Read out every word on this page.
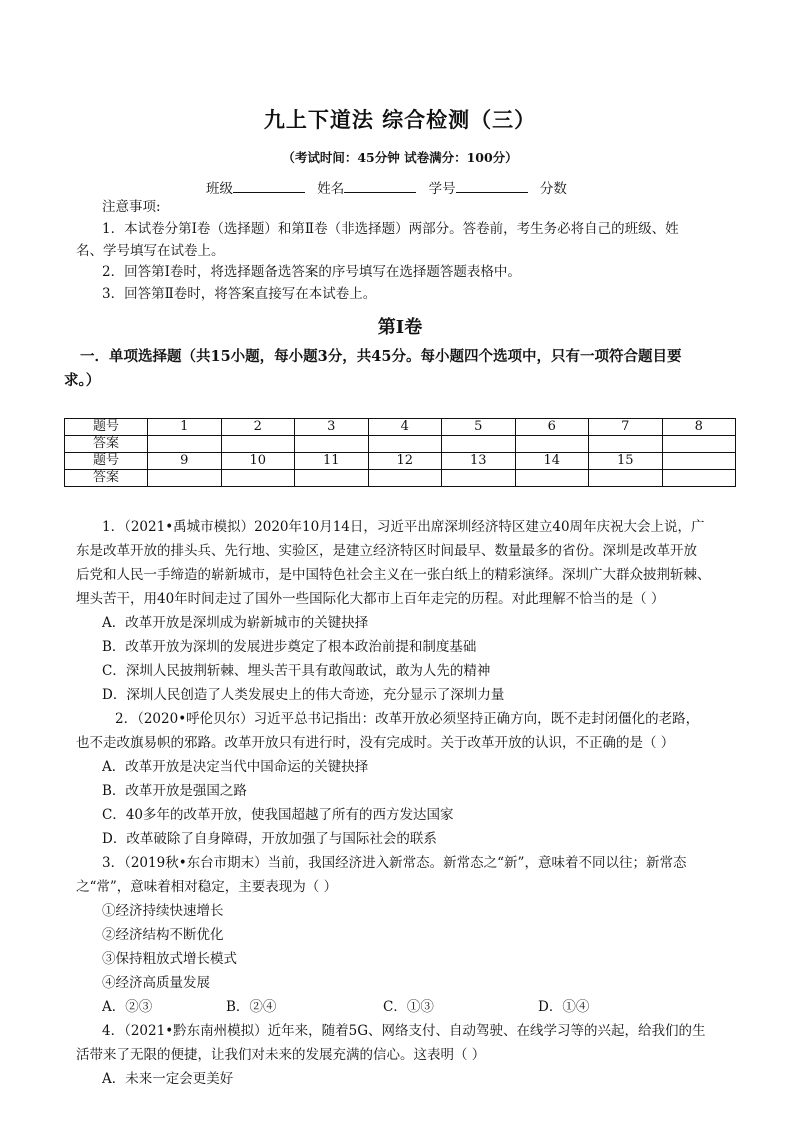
九上下道法 综合检测（三）
（考试时间：45分钟 试卷满分：100分）
班级	姓名	学号	分数
注意事项:
1．本试卷分第Ⅰ卷（选择题）和第Ⅱ卷（非选择题）两部分。答卷前，考生务必将自己的班级、姓
名、学号填写在试卷上。
2．回答第Ⅰ卷时，将选择题备选答案的序号填写在选择题答题表格中。
3．回答第Ⅱ卷时，将答案直接写在本试卷上。
第Ⅰ卷
一．单项选择题（共15小题，每小题3分，共45分。每小题四个选项中，只有一项符合题目要
求。）
题号	1	2	3	4	5	6	7	8
答案								
题号	9	10	11	12	13	14	15	
答案								
1．（2021•禹城市模拟）2020年10月14日，习近平出席深圳经济特区建立40周年庆祝大会上说，广
东是改革开放的排头兵、先行地、实验区，是建立经济特区时间最早、数量最多的省份。深圳是改革开放
后党和人民一手缔造的崭新城市，是中国特色社会主义在一张白纸上的精彩演绎。深圳广大群众披荆斩棘、
埋头苦干，用40年时间走过了国外一些国际化大都市上百年走完的历程。对此理解不恰当的是（ ）
A．改革开放是深圳成为崭新城市的关键抉择
B．改革开放为深圳的发展进步奠定了根本政治前提和制度基础
C．深圳人民披荆斩棘、埋头苦干具有敢闯敢试，敢为人先的精神
D．深圳人民创造了人类发展史上的伟大奇迹，充分显示了深圳力量
2．（2020•呼伦贝尔）习近平总书记指出：改革开放必须坚持正确方向，既不走封闭僵化的老路，
也不走改旗易帜的邪路。改革开放只有进行时，没有完成时。关于改革开放的认识，不正确的是（ ）
A．改革开放是决定当代中国命运的关键抉择
B．改革开放是强国之路
C．40多年的改革开放，使我国超越了所有的西方发达国家
D．改革破除了自身障碍，开放加强了与国际社会的联系
3．（2019秋•东台市期末）当前，我国经济进入新常态。新常态之“新”，意味着不同以往；新常态
之“常”，意味着相对稳定，主要表现为（ ）
①经济持续快速增长
②经济结构不断优化
③保持粗放式增长模式
④经济高质量发展
A．②③	B．②④	C．①③	D．①④
4．（2021•黔东南州模拟）近年来，随着5G、网络支付、自动驾驶、在线学习等的兴起，给我们的生
活带来了无限的便捷，让我们对未来的发展充满的信心。这表明（ ）
A．未来一定会更美好
